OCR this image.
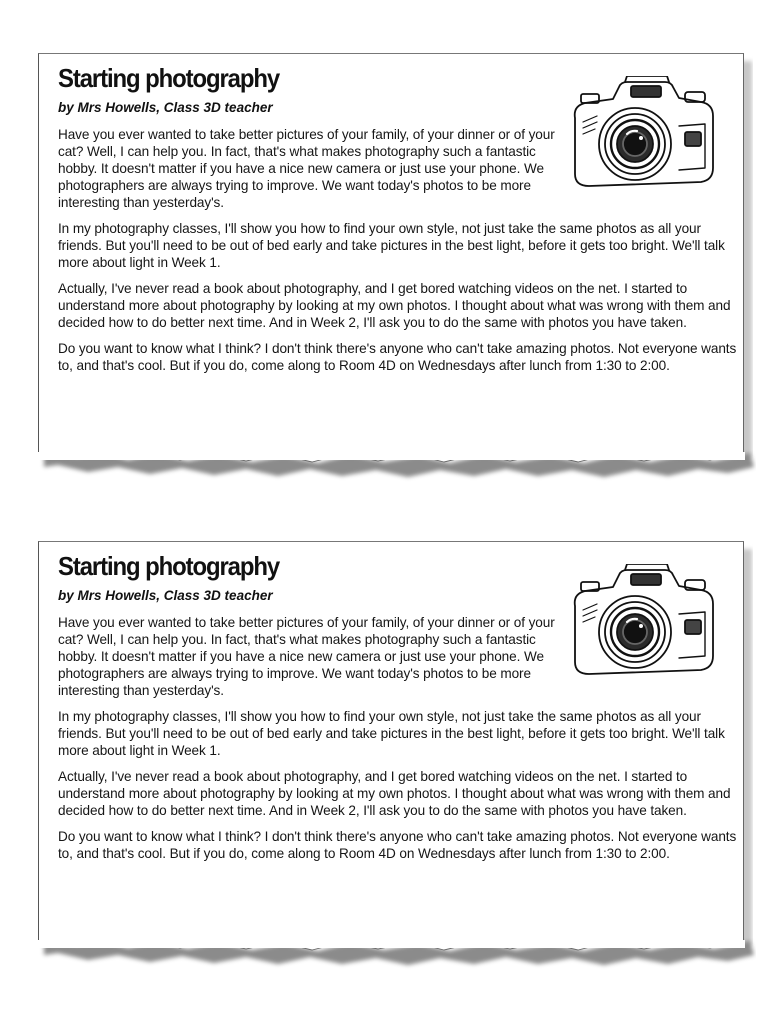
Starting photography

by Mrs Howells, Class 3D teacher

Have you ever wanted to take better pictures of your family, of your dinner or of your cat? Well, I can help you. In fact, that's what makes photography such a fantastic hobby. It doesn't matter if you have a nice new camera or just use your phone. We photographers are always trying to improve. We want today's photos to be more interesting than yesterday's.

In my photography classes, I'll show you how to find your own style, not just take the same photos as all your friends. But you'll need to be out of bed early and take pictures in the best light, before it gets too bright. We'll talk more about light in Week 1.

Actually, I've never read a book about photography, and I get bored watching videos on the net. I started to understand more about photography by looking at my own photos. I thought about what was wrong with them and decided how to do better next time. And in Week 2, I'll ask you to do the same with photos you have taken.

Do you want to know what I think? I don't think there's anyone who can't take amazing photos. Not everyone wants to, and that's cool. But if you do, come along to Room 4D on Wednesdays after lunch from 1:30 to 2:00.

Starting photography

by Mrs Howells, Class 3D teacher

Have you ever wanted to take better pictures of your family, of your dinner or of your cat? Well, I can help you. In fact, that's what makes photography such a fantastic hobby. It doesn't matter if you have a nice new camera or just use your phone. We photographers are always trying to improve. We want today's photos to be more interesting than yesterday's.

In my photography classes, I'll show you how to find your own style, not just take the same photos as all your friends. But you'll need to be out of bed early and take pictures in the best light, before it gets too bright. We'll talk more about light in Week 1.

Actually, I've never read a book about photography, and I get bored watching videos on the net. I started to understand more about photography by looking at my own photos. I thought about what was wrong with them and decided how to do better next time. And in Week 2, I'll ask you to do the same with photos you have taken.

Do you want to know what I think? I don't think there's anyone who can't take amazing photos. Not everyone wants to, and that's cool. But if you do, come along to Room 4D on Wednesdays after lunch from 1:30 to 2:00.
